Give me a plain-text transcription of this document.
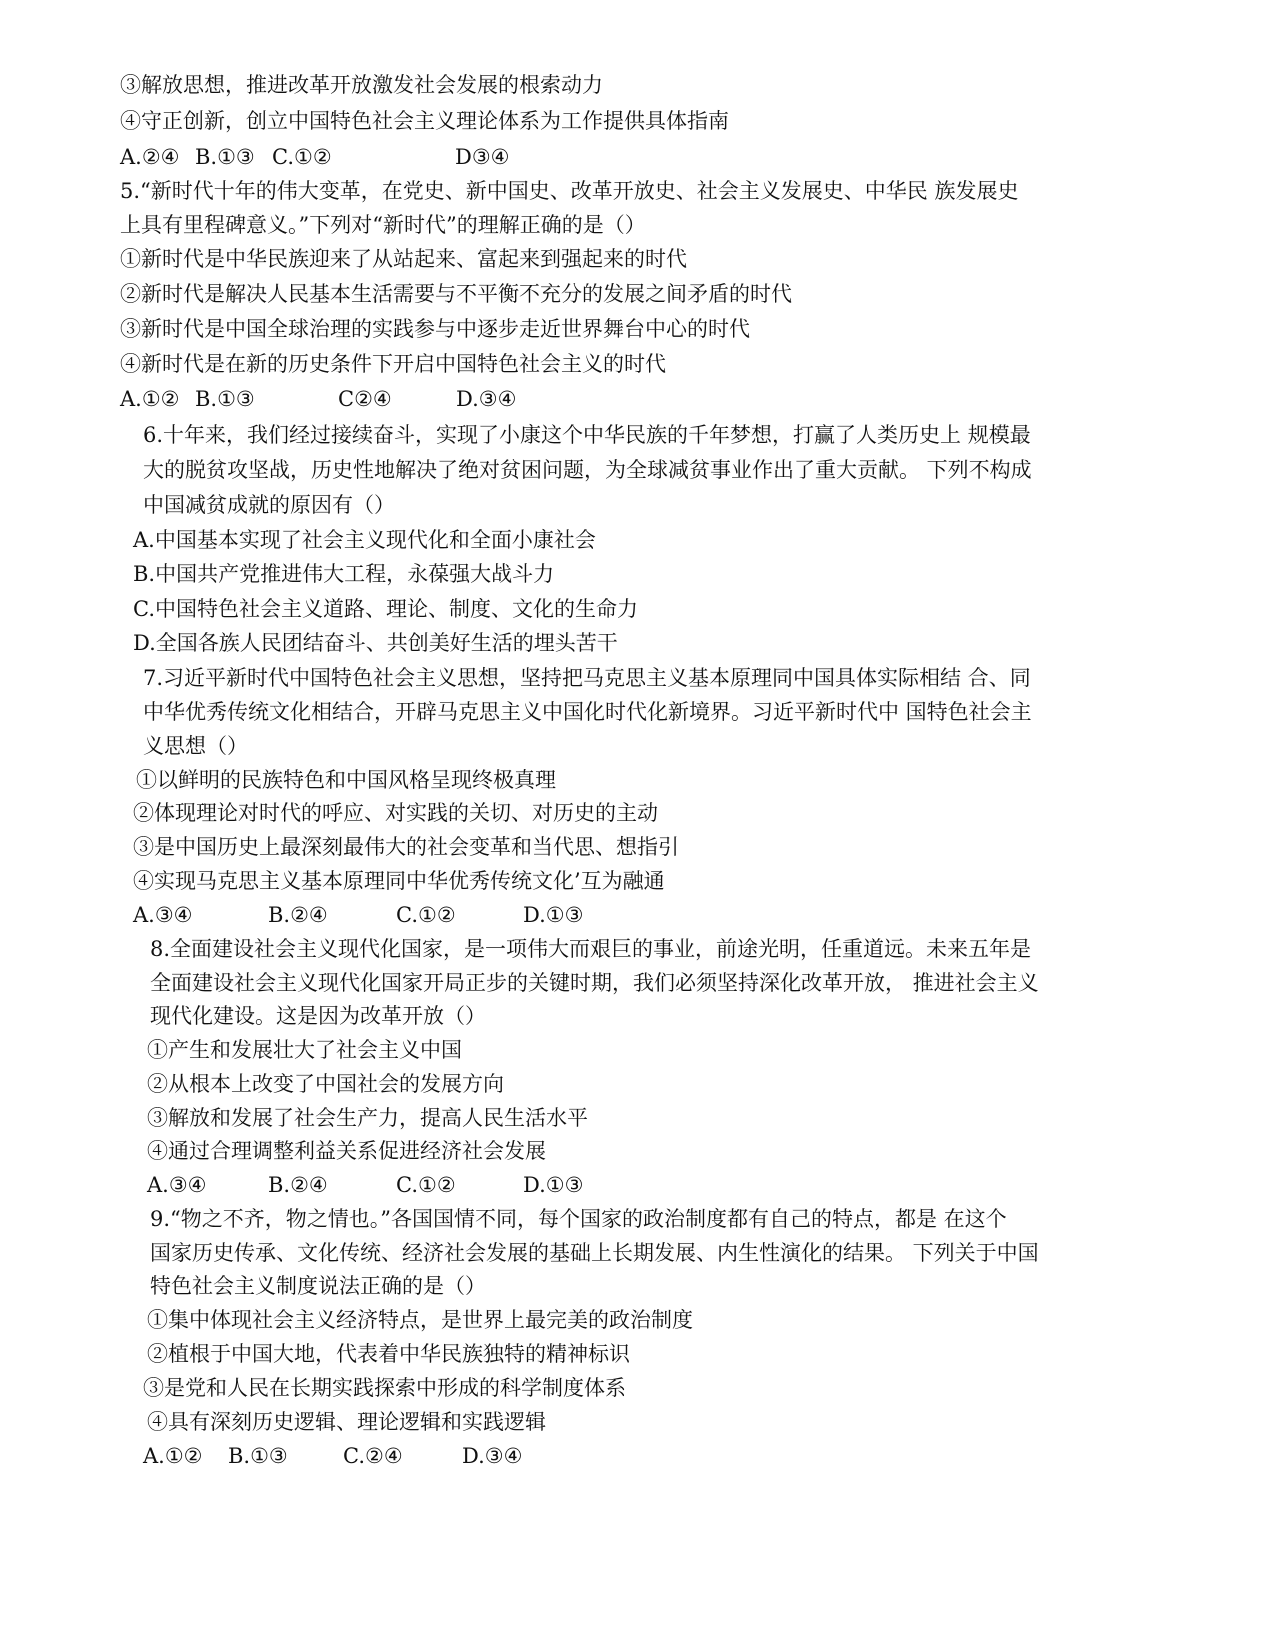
③解放思想，推进改革开放激发社会发展的根索动力
④守正创新，创立中国特色社会主义理论体系为工作提供具体指南
A.②④ B.①③ C.①②	D③④
5.“新时代十年的伟大变革，在党史、新中国史、改革开放史、社会主义发展史、中华民 族发展史
上具有里程碑意义。”下列对“新时代”的理解正确的是（）
①新时代是中华民族迎来了从站起来、富起来到强起来的时代
②新时代是解决人民基本生活需要与不平衡不充分的发展之间矛盾的时代
③新时代是中国全球治理的实践参与中逐步走近世界舞台中心的时代
④新时代是在新的历史条件下开启中国特色社会主义的时代
A.①② B.①③	C②④	D.③④
6.十年来，我们经过接续奋斗，实现了小康这个中华民族的千年梦想，打赢了人类历史上 规模最
大的脱贫攻坚战，历史性地解决了绝对贫困问题，为全球减贫事业作出了重大贡献。 下列不构成
中国减贫成就的原因有（）
A.中国基本实现了社会主义现代化和全面小康社会
B.中国共产党推进伟大工程，永葆强大战斗力
C.中国特色社会主义道路、理论、制度、文化的生命力
D.全国各族人民团结奋斗、共创美好生活的埋头苦干
7.习近平新时代中国特色社会主义思想，坚持把马克思主义基本原理同中国具体实际相结 合、同
中华优秀传统文化相结合，开辟马克思主义中国化时代化新境界。习近平新时代中 国特色社会主
义思想（）
①以鲜明的民族特色和中国风格呈现终极真理
②体现理论对时代的呼应、对实践的关切、对历史的主动
③是中国历史上最深刻最伟大的社会变革和当代思、想指引
④实现马克思主义基本原理同中华优秀传统文化’互为融通
A.③④	B.②④	C.①②	D.①③
8.全面建设社会主义现代化国家，是一项伟大而艰巨的事业，前途光明，任重道远。未来五年是
全面建设社会主义现代化国家开局正步的关键时期，我们必须坚持深化改革开放， 推进社会主义
现代化建设。这是因为改革开放（）
①产生和发展壮大了社会主义中国
②从根本上改变了中国社会的发展方向
③解放和发展了社会生产力，提高人民生活水平
④通过合理调整利益关系促进经济社会发展
A.③④	B.②④	C.①②	D.①③
9.“物之不齐，物之情也。”各国国情不同，每个国家的政治制度都有自己的特点，都是 在这个
国家历史传承、文化传统、经济社会发展的基础上长期发展、内生性演化的结果。 下列关于中国
特色社会主义制度说法正确的是（）
①集中体现社会主义经济特点，是世界上最完美的政治制度
②植根于中国大地，代表着中华民族独特的精神标识
③是党和人民在长期实践探索中形成的科学制度体系
④具有深刻历史逻辑、理论逻辑和实践逻辑
A.①② B.①③	C.②④	D.③④
